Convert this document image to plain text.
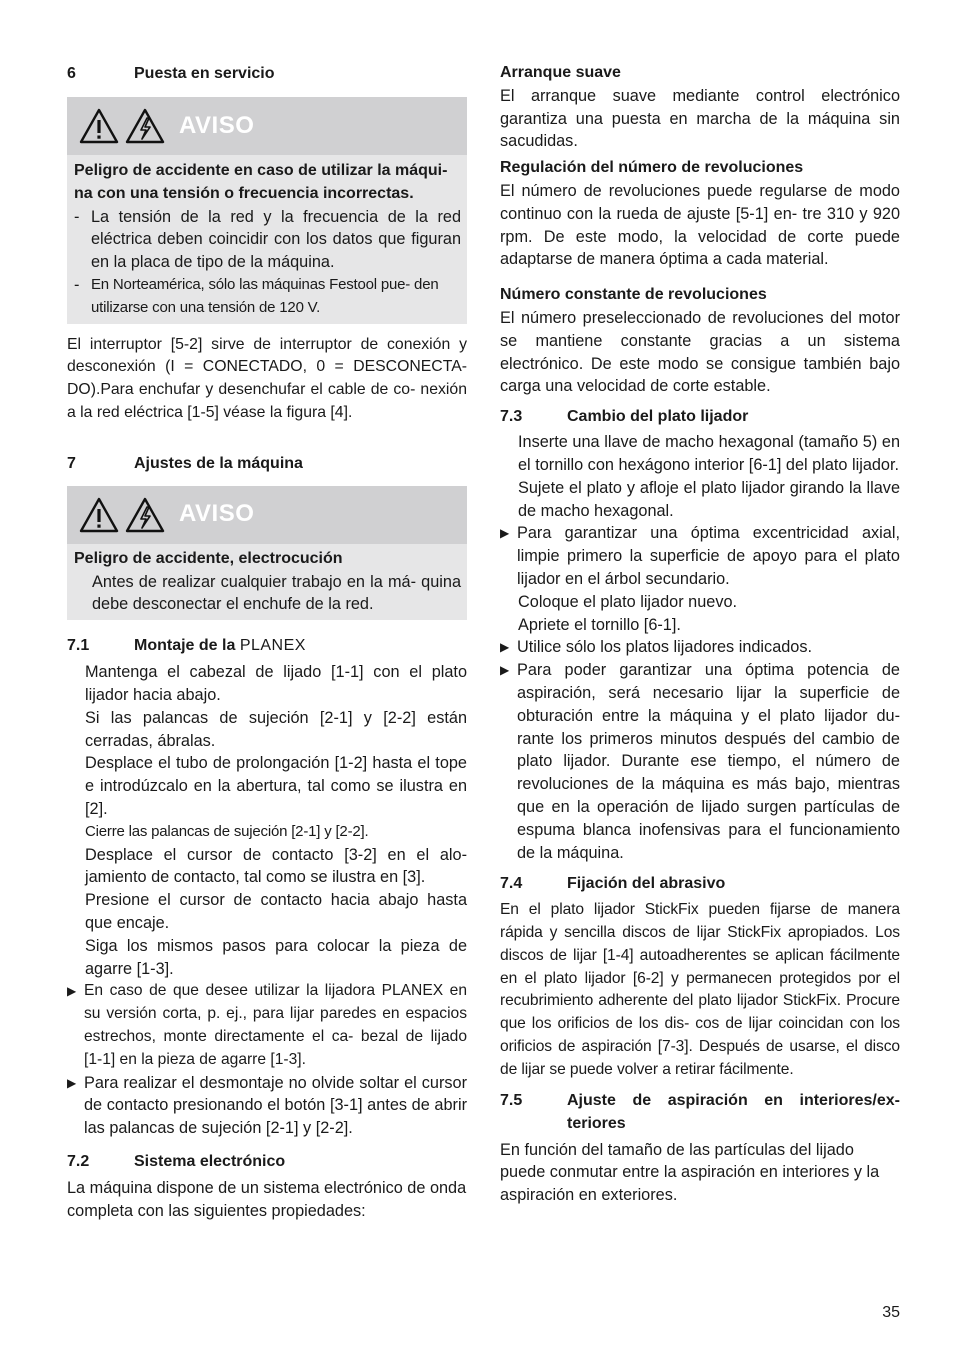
6	Puesta en servicio
AVISO

Peligro de accidente en caso de utilizar la máqui- na con una tensión o frecuencia incorrectas.

- La tensión de la red y la frecuencia de la red eléctrica deben coincidir con los datos que figuran en la placa de tipo de la máquina.

- En Norteamérica, sólo las máquinas Festool pue- den utilizarse con una tensión de 120 V.

El interruptor [5-2] sirve de interruptor de conexión y desconexión (I = CONECTADO, 0 = DESCONECTA- DO).Para enchufar y desenchufar el cable de co- nexión a la red eléctrica [1-5] véase la figura [4].

7	Ajustes de la máquina
AVISO

Peligro de accidente, electrocución

Antes de realizar cualquier trabajo en la má- quina debe desconectar el enchufe de la red.

7.1	Montaje de la PLANEX

Mantenga el cabezal de lijado [1-1] con el plato lijador hacia abajo.

Si las palancas de sujeción [2-1] y [2-2] están cerradas, ábralas.

Desplace el tubo de prolongación [1-2] hasta el tope e introdúzcalo en la abertura, tal como se ilustra en [2].

Cierre las palancas de sujeción [2-1] y [2-2].

Desplace el cursor de contacto [3-2] en el alo- jamiento de contacto, tal como se ilustra en [3].

Presione el cursor de contacto hacia abajo hasta que encaje.

Siga los mismos pasos para colocar la pieza de agarre [1-3].

▶ En caso de que desee utilizar la lijadora PLANEX en su versión corta, p. ej., para lijar paredes en espacios estrechos, monte directamente el ca- bezal de lijado [1-1] en la pieza de agarre [1-3].

▶ Para realizar el desmontaje no olvide soltar el cursor de contacto presionando el botón [3-1] antes de abrir las palancas de sujeción [2-1] y [2-2].

7.2	Sistema electrónico

La máquina dispone de un sistema electrónico de onda completa con las siguientes propiedades:

Arranque suave

El arranque suave mediante control electrónico garantiza una puesta en marcha de la máquina sin sacudidas.

Regulación del número de revoluciones

El número de revoluciones puede regularse de modo continuo con la rueda de ajuste [5-1] en- tre 310 y 920 rpm. De este modo, la velocidad de corte puede adaptarse de manera óptima a cada material.

Número constante de revoluciones

El número preseleccionado de revoluciones del motor se mantiene constante gracias a un sistema electrónico. De este modo se consigue también bajo carga una velocidad de corte estable.

7.3	Cambio del plato lijador

Inserte una llave de macho hexagonal (tamaño 5) en el tornillo con hexágono interior [6-1] del plato lijador.

Sujete el plato y afloje el plato lijador girando la llave de macho hexagonal.

▶ Para garantizar una óptima excentricidad axial, limpie primero la superficie de apoyo para el plato lijador en el árbol secundario.

Coloque el plato lijador nuevo.

Apriete el tornillo [6-1].

▶ Utilice sólo los platos lijadores indicados.

▶ Para poder garantizar una óptima potencia de aspiración, será necesario lijar la superficie de obturación entre la máquina y el plato lijador du- rante los primeros minutos después del cambio de plato lijador. Durante ese tiempo, el número de revoluciones de la máquina es más bajo, mientras que en la operación de lijado surgen partículas de espuma blanca inofensivas para el funcionamiento de la máquina.

7.4	Fijación del abrasivo

En el plato lijador StickFix pueden fijarse de manera rápida y sencilla discos de lijar StickFix apropiados. Los discos de lijar [1-4] autoadherentes se aplican fácilmente en el plato lijador [6-2] y permanecen protegidos por el recubrimiento adherente del plato lijador StickFix. Procure que los orificios de los dis- cos de lijar coincidan con los orificios de aspiración [7-3]. Después de usarse, el disco de lijar se puede volver a retirar fácilmente.

7.5	Ajuste de aspiración en interiores/ex- teriores

En función del tamaño de las partículas del lijado puede conmutar entre la aspiración en interiores y la aspiración en exteriores.

35
